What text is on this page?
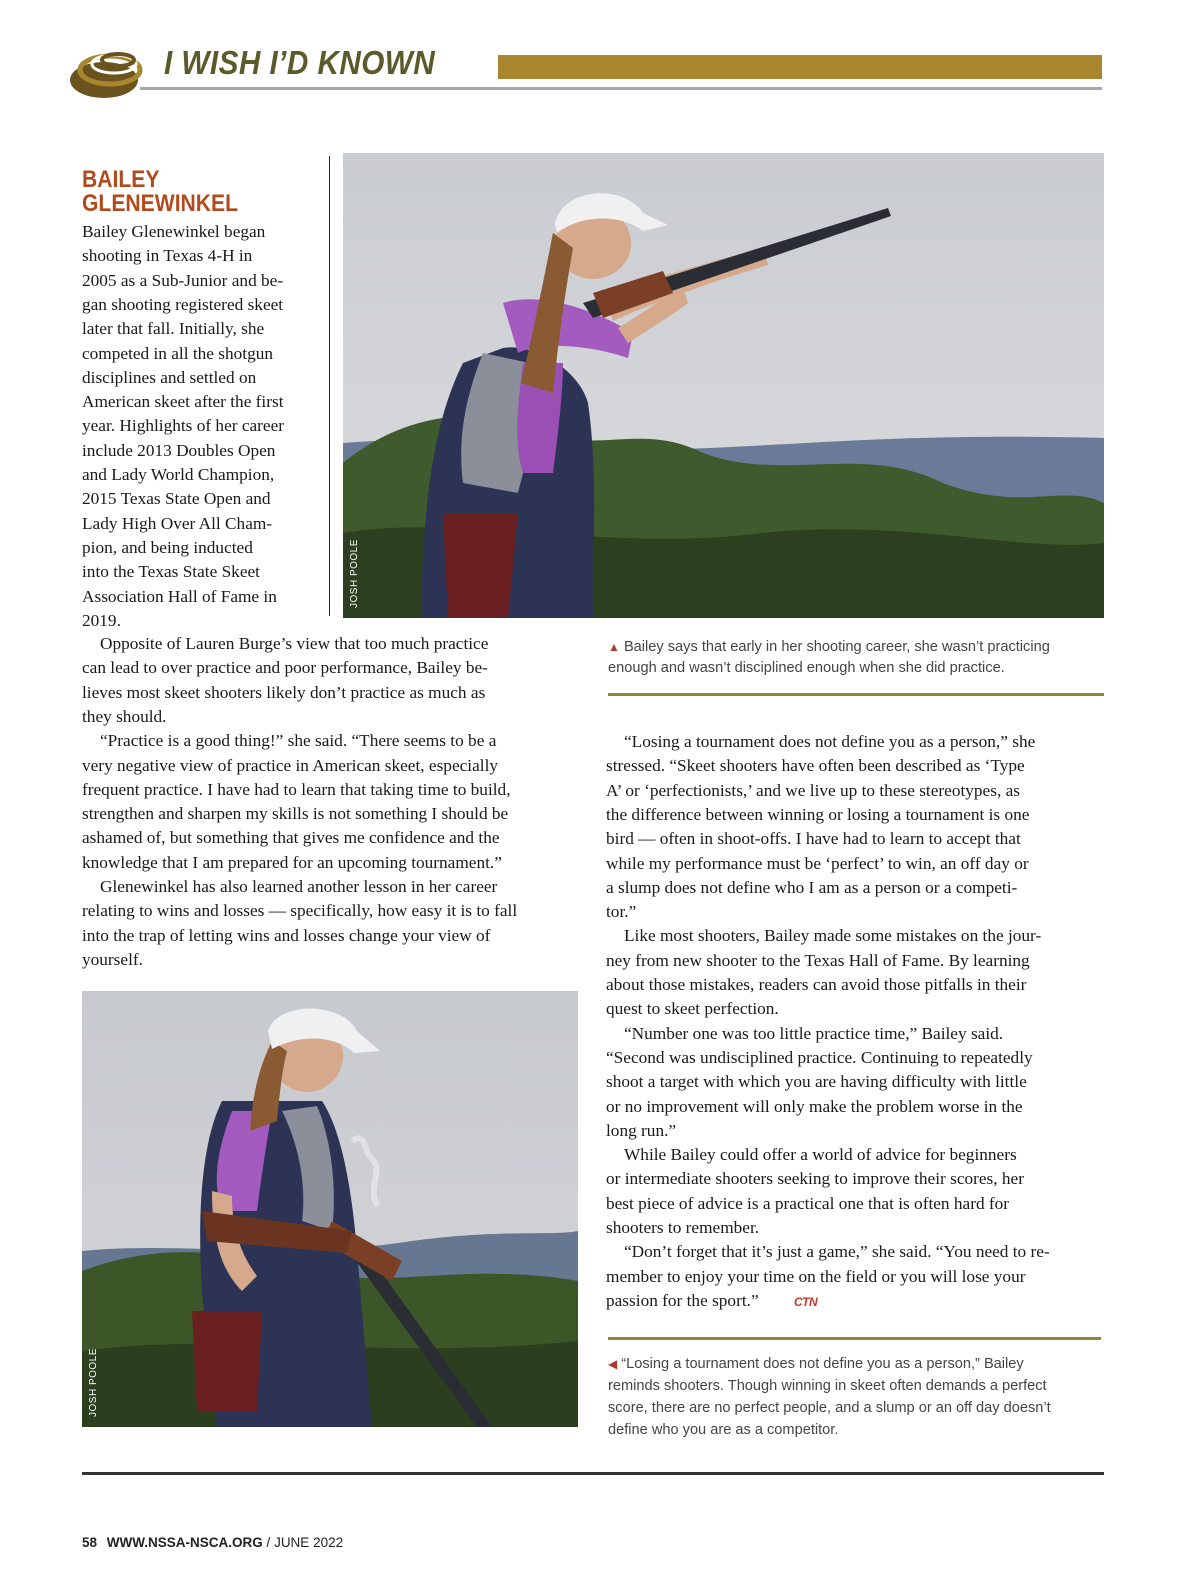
I WISH I’D KNOWN
BAILEY
GLENEWINKEL
Bailey Glenewinkel began
shooting in Texas 4-H in
2005 as a Sub-Junior and be-
gan shooting registered skeet
later that fall. Initially, she
competed in all the shotgun
disciplines and settled on
American skeet after the first
year. Highlights of her career
include 2013 Doubles Open
and Lady World Champion,
2015 Texas State Open and
Lady High Over All Cham-
pion, and being inducted
into the Texas State Skeet
Association Hall of Fame in
2019.
JOSH POOLE
▲ Bailey says that early in her shooting career, she wasn’t practicing
enough and wasn’t disciplined enough when she did practice.
JOSH POOLE
Opposite of Lauren Burge’s view that too much practice
can lead to over practice and poor performance, Bailey be-
lieves most skeet shooters likely don’t practice as much as
they should.
“Practice is a good thing!” she said. “There seems to be a
very negative view of practice in American skeet, especially
frequent practice. I have had to learn that taking time to build,
strengthen and sharpen my skills is not something I should be
ashamed of, but something that gives me confidence and the
knowledge that I am prepared for an upcoming tournament.”
Glenewinkel has also learned another lesson in her career
relating to wins and losses — specifically, how easy it is to fall
into the trap of letting wins and losses change your view of
yourself.
“Losing a tournament does not define you as a person,” she
stressed. “Skeet shooters have often been described as ‘Type
A’ or ‘perfectionists,’ and we live up to these stereotypes, as
the difference between winning or losing a tournament is one
bird — often in shoot-offs. I have had to learn to accept that
while my performance must be ‘perfect’ to win, an off day or
a slump does not define who I am as a person or a competi-
tor.”
Like most shooters, Bailey made some mistakes on the jour-
ney from new shooter to the Texas Hall of Fame. By learning
about those mistakes, readers can avoid those pitfalls in their
quest to skeet perfection.
“Number one was too little practice time,” Bailey said.
“Second was undisciplined practice. Continuing to repeatedly
shoot a target with which you are having difficulty with little
or no improvement will only make the problem worse in the
long run.”
While Bailey could offer a world of advice for beginners
or intermediate shooters seeking to improve their scores, her
best piece of advice is a practical one that is often hard for
shooters to remember.
“Don’t forget that it’s just a game,” she said. “You need to re-
member to enjoy your time on the field or you will lose your
passion for the sport.”	CTN
◀ “Losing a tournament does not define you as a person,” Bailey
reminds shooters. Though winning in skeet often demands a perfect
score, there are no perfect people, and a slump or an off day doesn’t
define who you are as a competitor.
58 WWW.NSSA-NSCA.ORG / JUNE 2022
